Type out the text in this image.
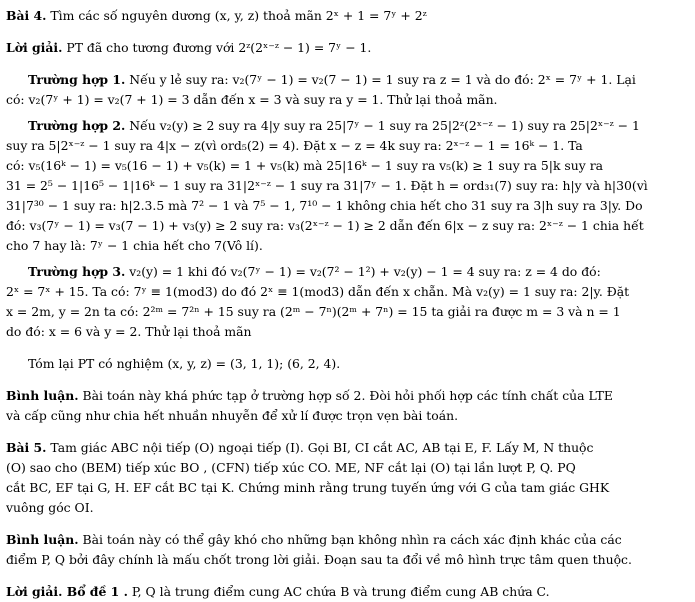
Bài 4. Tìm các số nguyên dương (x, y, z) thoả mãn 2ˣ + 1 = 7ʸ + 2ᶻ
Lời giải. PT đã cho tương đương với 2ᶻ(2ˣ⁻ᶻ − 1) = 7ʸ − 1.
Trường hợp 1. Nếu y lẻ suy ra: v₂(7ʸ − 1) = v₂(7 − 1) = 1 suy ra z = 1 và do đó: 2ˣ = 7ʸ + 1. Lại
có: v₂(7ʸ + 1) = v₂(7 + 1) = 3 dẫn đến x = 3 và suy ra y = 1. Thử lại thoả mãn.
Trường hợp 2. Nếu v₂(y) ≥ 2 suy ra 4|y suy ra 25|7ʸ − 1 suy ra 25|2ᶻ(2ˣ⁻ᶻ − 1) suy ra 25|2ˣ⁻ᶻ − 1
suy ra 5|2ˣ⁻ᶻ − 1 suy ra 4|x − z(vì ord₅(2) = 4). Đặt x − z = 4k suy ra: 2ˣ⁻ᶻ − 1 = 16ᵏ − 1. Ta
có: v₅(16ᵏ − 1) = v₅(16 − 1) + v₅(k) = 1 + v₅(k) mà 25|16ᵏ − 1 suy ra v₅(k) ≥ 1 suy ra 5|k suy ra
31 = 2⁵ − 1|16⁵ − 1|16ᵏ − 1 suy ra 31|2ˣ⁻ᶻ − 1 suy ra 31|7ʸ − 1. Đặt h = ord₃₁(7) suy ra: h|y và h|30(vì
31|7³⁰ − 1 suy ra: h|2.3.5 mà 7² − 1 và 7⁵ − 1, 7¹⁰ − 1 không chia hết cho 31 suy ra 3|h suy ra 3|y. Do
đó: v₃(7ʸ − 1) = v₃(7 − 1) + v₃(y) ≥ 2 suy ra: v₃(2ˣ⁻ᶻ − 1) ≥ 2 dẫn đến 6|x − z suy ra: 2ˣ⁻ᶻ − 1 chia hết
cho 7 hay là: 7ʸ − 1 chia hết cho 7(Vô lí).
Trường hợp 3. v₂(y) = 1 khi đó v₂(7ʸ − 1) = v₂(7² − 1²) + v₂(y) − 1 = 4 suy ra: z = 4 do đó:
2ˣ = 7ˣ + 15. Ta có: 7ʸ ≡ 1(mod3) do đó 2ˣ ≡ 1(mod3) dẫn đến x chẵn. Mà v₂(y) = 1 suy ra: 2|y. Đặt
x = 2m, y = 2n ta có: 2²ᵐ = 7²ⁿ + 15 suy ra (2ᵐ − 7ⁿ)(2ᵐ + 7ⁿ) = 15 ta giải ra được m = 3 và n = 1
do đó: x = 6 và y = 2. Thử lại thoả mãn
Tóm lại PT có nghiệm (x, y, z) = (3, 1, 1); (6, 2, 4).
Bình luận. Bài toán này khá phức tạp ở trường hợp số 2. Đòi hỏi phối hợp các tính chất của LTE
và cấp cũng như chia hết nhuần nhuyễn để xử lí được trọn vẹn bài toán.
Bài 5. Tam giác ABC nội tiếp (O) ngoại tiếp (I). Gọi BI, CI cắt AC, AB tại E, F. Lấy M, N thuộc
(O) sao cho (BEM) tiếp xúc BO , (CFN) tiếp xúc CO. ME, NF cắt lại (O) tại lần lượt P, Q. PQ
cắt BC, EF tại G, H. EF cắt BC tại K. Chứng minh rằng trung tuyến ứng với G của tam giác GHK
vuông góc OI.
Bình luận. Bài toán này có thể gây khó cho những bạn không nhìn ra cách xác định khác của các
điểm P, Q bởi đây chính là mấu chốt trong lời giải. Đoạn sau ta đổi về mô hình trực tâm quen thuộc.
Lời giải. Bổ đề 1 . P, Q là trung điểm cung AC chứa B và trung điểm cung AB chứa C.
